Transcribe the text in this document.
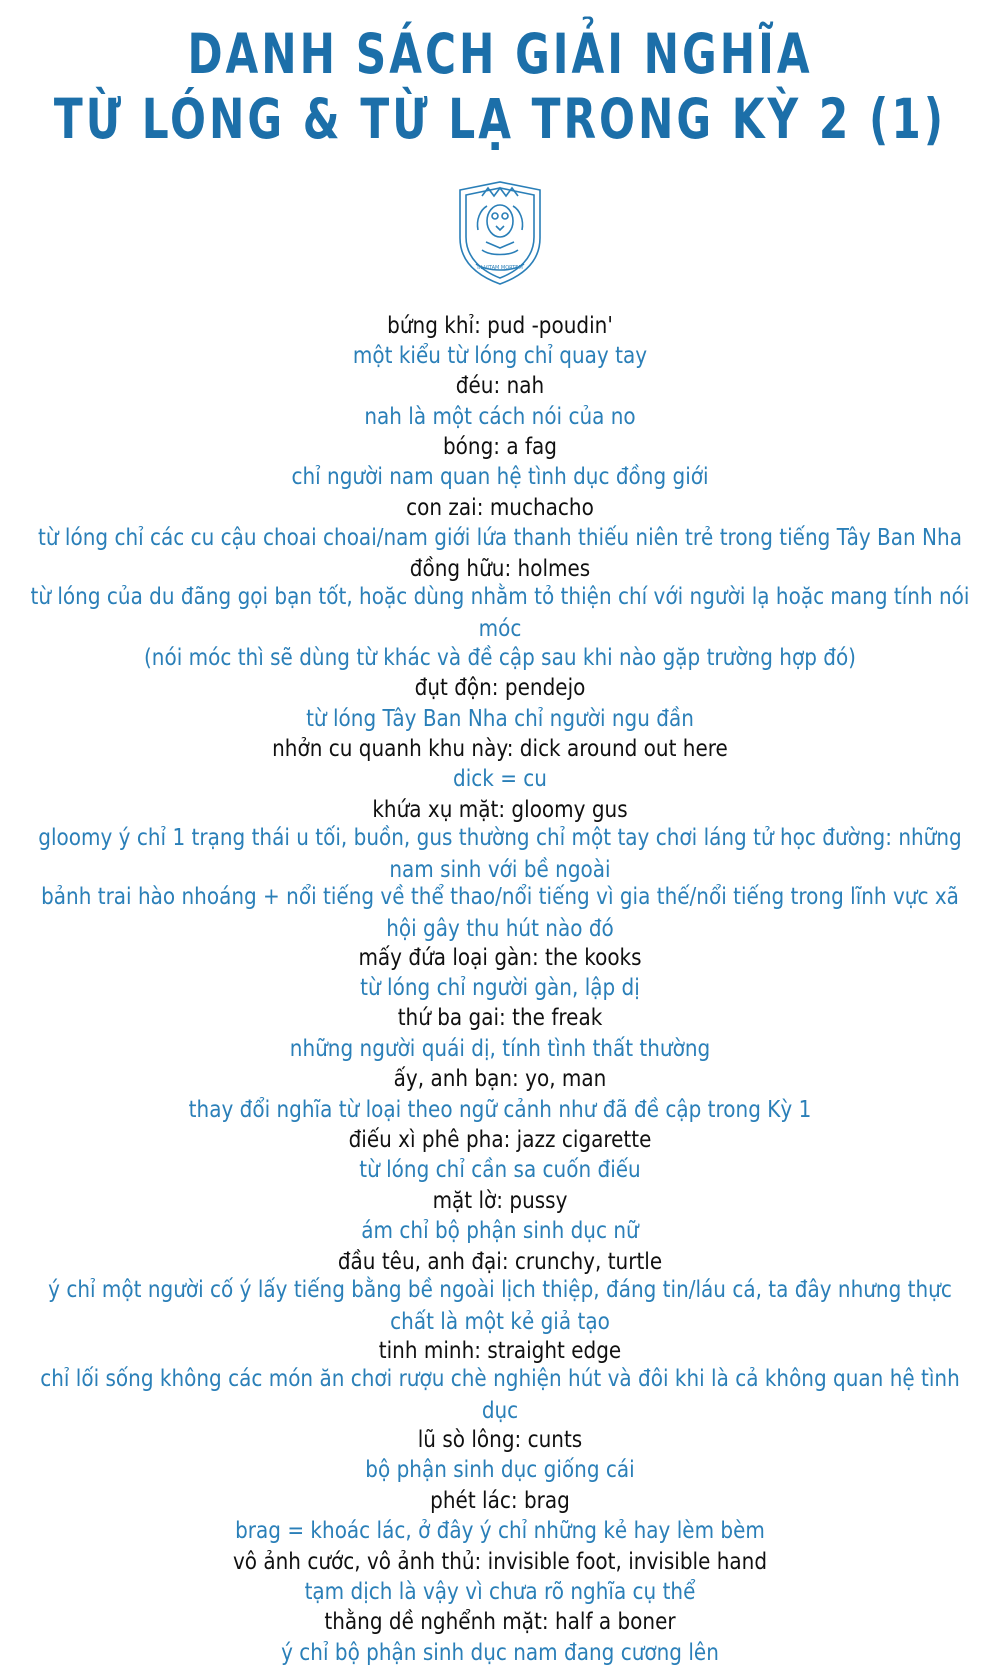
DANH SÁCH GIẢI NGHĨA
TỪ LÓNG & TỪ LẠ TRONG KỲ 2 (1)
IN VITAM MORTEM
bứng khỉ: pud -poudin'
một kiểu từ lóng chỉ quay tay
đéu: nah
nah là một cách nói của no
bóng: a fag
chỉ người nam quan hệ tình dục đồng giới
con zai: muchacho
từ lóng chỉ các cu cậu choai choai/nam giới lứa thanh thiếu niên trẻ trong tiếng Tây Ban Nha
đồng hữu: holmes
từ lóng của du đãng gọi bạn tốt, hoặc dùng nhằm tỏ thiện chí với người lạ hoặc mang tính nói móc
(nói móc thì sẽ dùng từ khác và đề cập sau khi nào gặp trường hợp đó)
đụt độn: pendejo
từ lóng Tây Ban Nha chỉ người ngu đần
nhởn cu quanh khu này: dick around out here
dick = cu
khứa xụ mặt: gloomy gus
gloomy ý chỉ 1 trạng thái u tối, buồn, gus thường chỉ một tay chơi láng tử học đường: những nam sinh với bề ngoài
bảnh trai hào nhoáng + nổi tiếng về thể thao/nổi tiếng vì gia thế/nổi tiếng trong lĩnh vực xã hội gây thu hút nào đó
mấy đứa loại gàn: the kooks
từ lóng chỉ người gàn, lập dị
thứ ba gai: the freak
những người quái dị, tính tình thất thường
ấy, anh bạn: yo, man
thay đổi nghĩa từ loại theo ngữ cảnh như đã đề cập trong Kỳ 1
điếu xì phê pha: jazz cigarette
từ lóng chỉ cần sa cuốn điếu
mặt lờ: pussy
ám chỉ bộ phận sinh dục nữ
đầu têu, anh đại: crunchy, turtle
ý chỉ một người cố ý lấy tiếng bằng bề ngoài lịch thiệp, đáng tin/láu cá, ta đây nhưng thực chất là một kẻ giả tạo
tinh minh: straight edge
chỉ lối sống không các món ăn chơi rượu chè nghiện hút và đôi khi là cả không quan hệ tình dục
lũ sò lông: cunts
bộ phận sinh dục giống cái
phét lác: brag
brag = khoác lác, ở đây ý chỉ những kẻ hay lèm bèm
vô ảnh cước, vô ảnh thủ: invisible foot, invisible hand
tạm dịch là vậy vì chưa rõ nghĩa cụ thể
thằng dề nghểnh mặt: half a boner
ý chỉ bộ phận sinh dục nam đang cương lên
